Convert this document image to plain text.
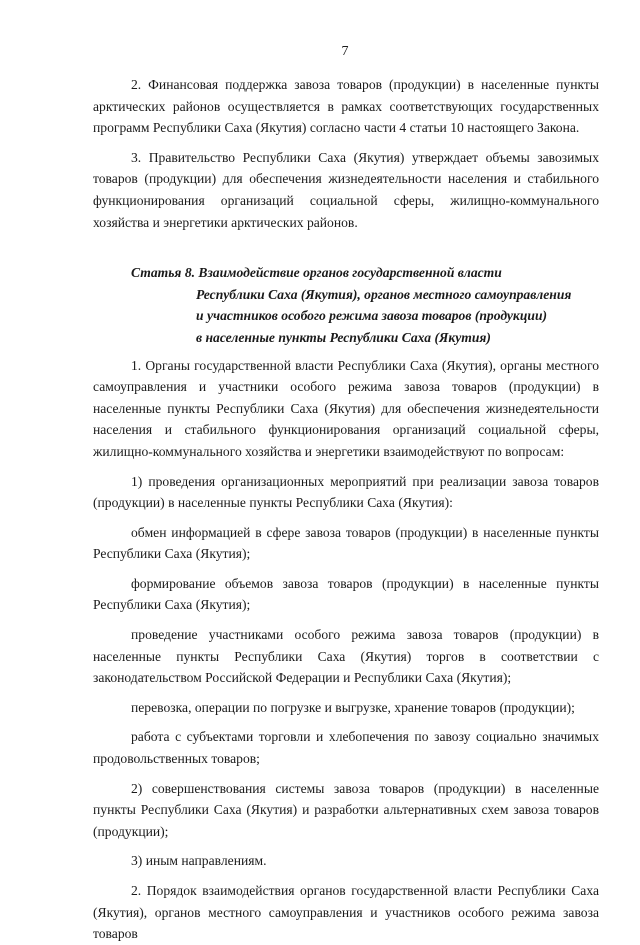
7

2. Финансовая поддержка завоза товаров (продукции) в населенные пункты арктических районов осуществляется в рамках соответствующих государственных программ Республики Саха (Якутия) согласно части 4 статьи 10 настоящего Закона.

3. Правительство Республики Саха (Якутия) утверждает объемы завозимых товаров (продукции) для обеспечения жизнедеятельности населения и стабильного функционирования организаций социальной сферы, жилищно-коммунального хозяйства и энергетики арктических районов.

Статья 8. Взаимодействие органов государственной власти
Республики Саха (Якутия), органов местного самоуправления
и участников особого режима завоза товаров (продукции)
в населенные пункты Республики Саха (Якутия)

1. Органы государственной власти Республики Саха (Якутия), органы местного самоуправления и участники особого режима завоза товаров (продукции) в населенные пункты Республики Саха (Якутия) для обеспечения жизнедеятельности населения и стабильного функционирования организаций социальной сферы, жилищно-коммунального хозяйства и энергетики взаимодействуют по вопросам:

1) проведения организационных мероприятий при реализации завоза товаров (продукции) в населенные пункты Республики Саха (Якутия):

обмен информацией в сфере завоза товаров (продукции) в населенные пункты Республики Саха (Якутия);

формирование объемов завоза товаров (продукции) в населенные пункты Республики Саха (Якутия);

проведение участниками особого режима завоза товаров (продукции) в населенные пункты Республики Саха (Якутия) торгов в соответствии с законодательством Российской Федерации и Республики Саха (Якутия);

перевозка, операции по погрузке и выгрузке, хранение товаров (продукции);

работа с субъектами торговли и хлебопечения по завозу социально значимых продовольственных товаров;

2) совершенствования системы завоза товаров (продукции) в населенные пункты Республики Саха (Якутия) и разработки альтернативных схем завоза товаров (продукции);

3) иным направлениям.

2. Порядок взаимодействия органов государственной власти Республики Саха (Якутия), органов местного самоуправления и участников особого режима завоза товаров
